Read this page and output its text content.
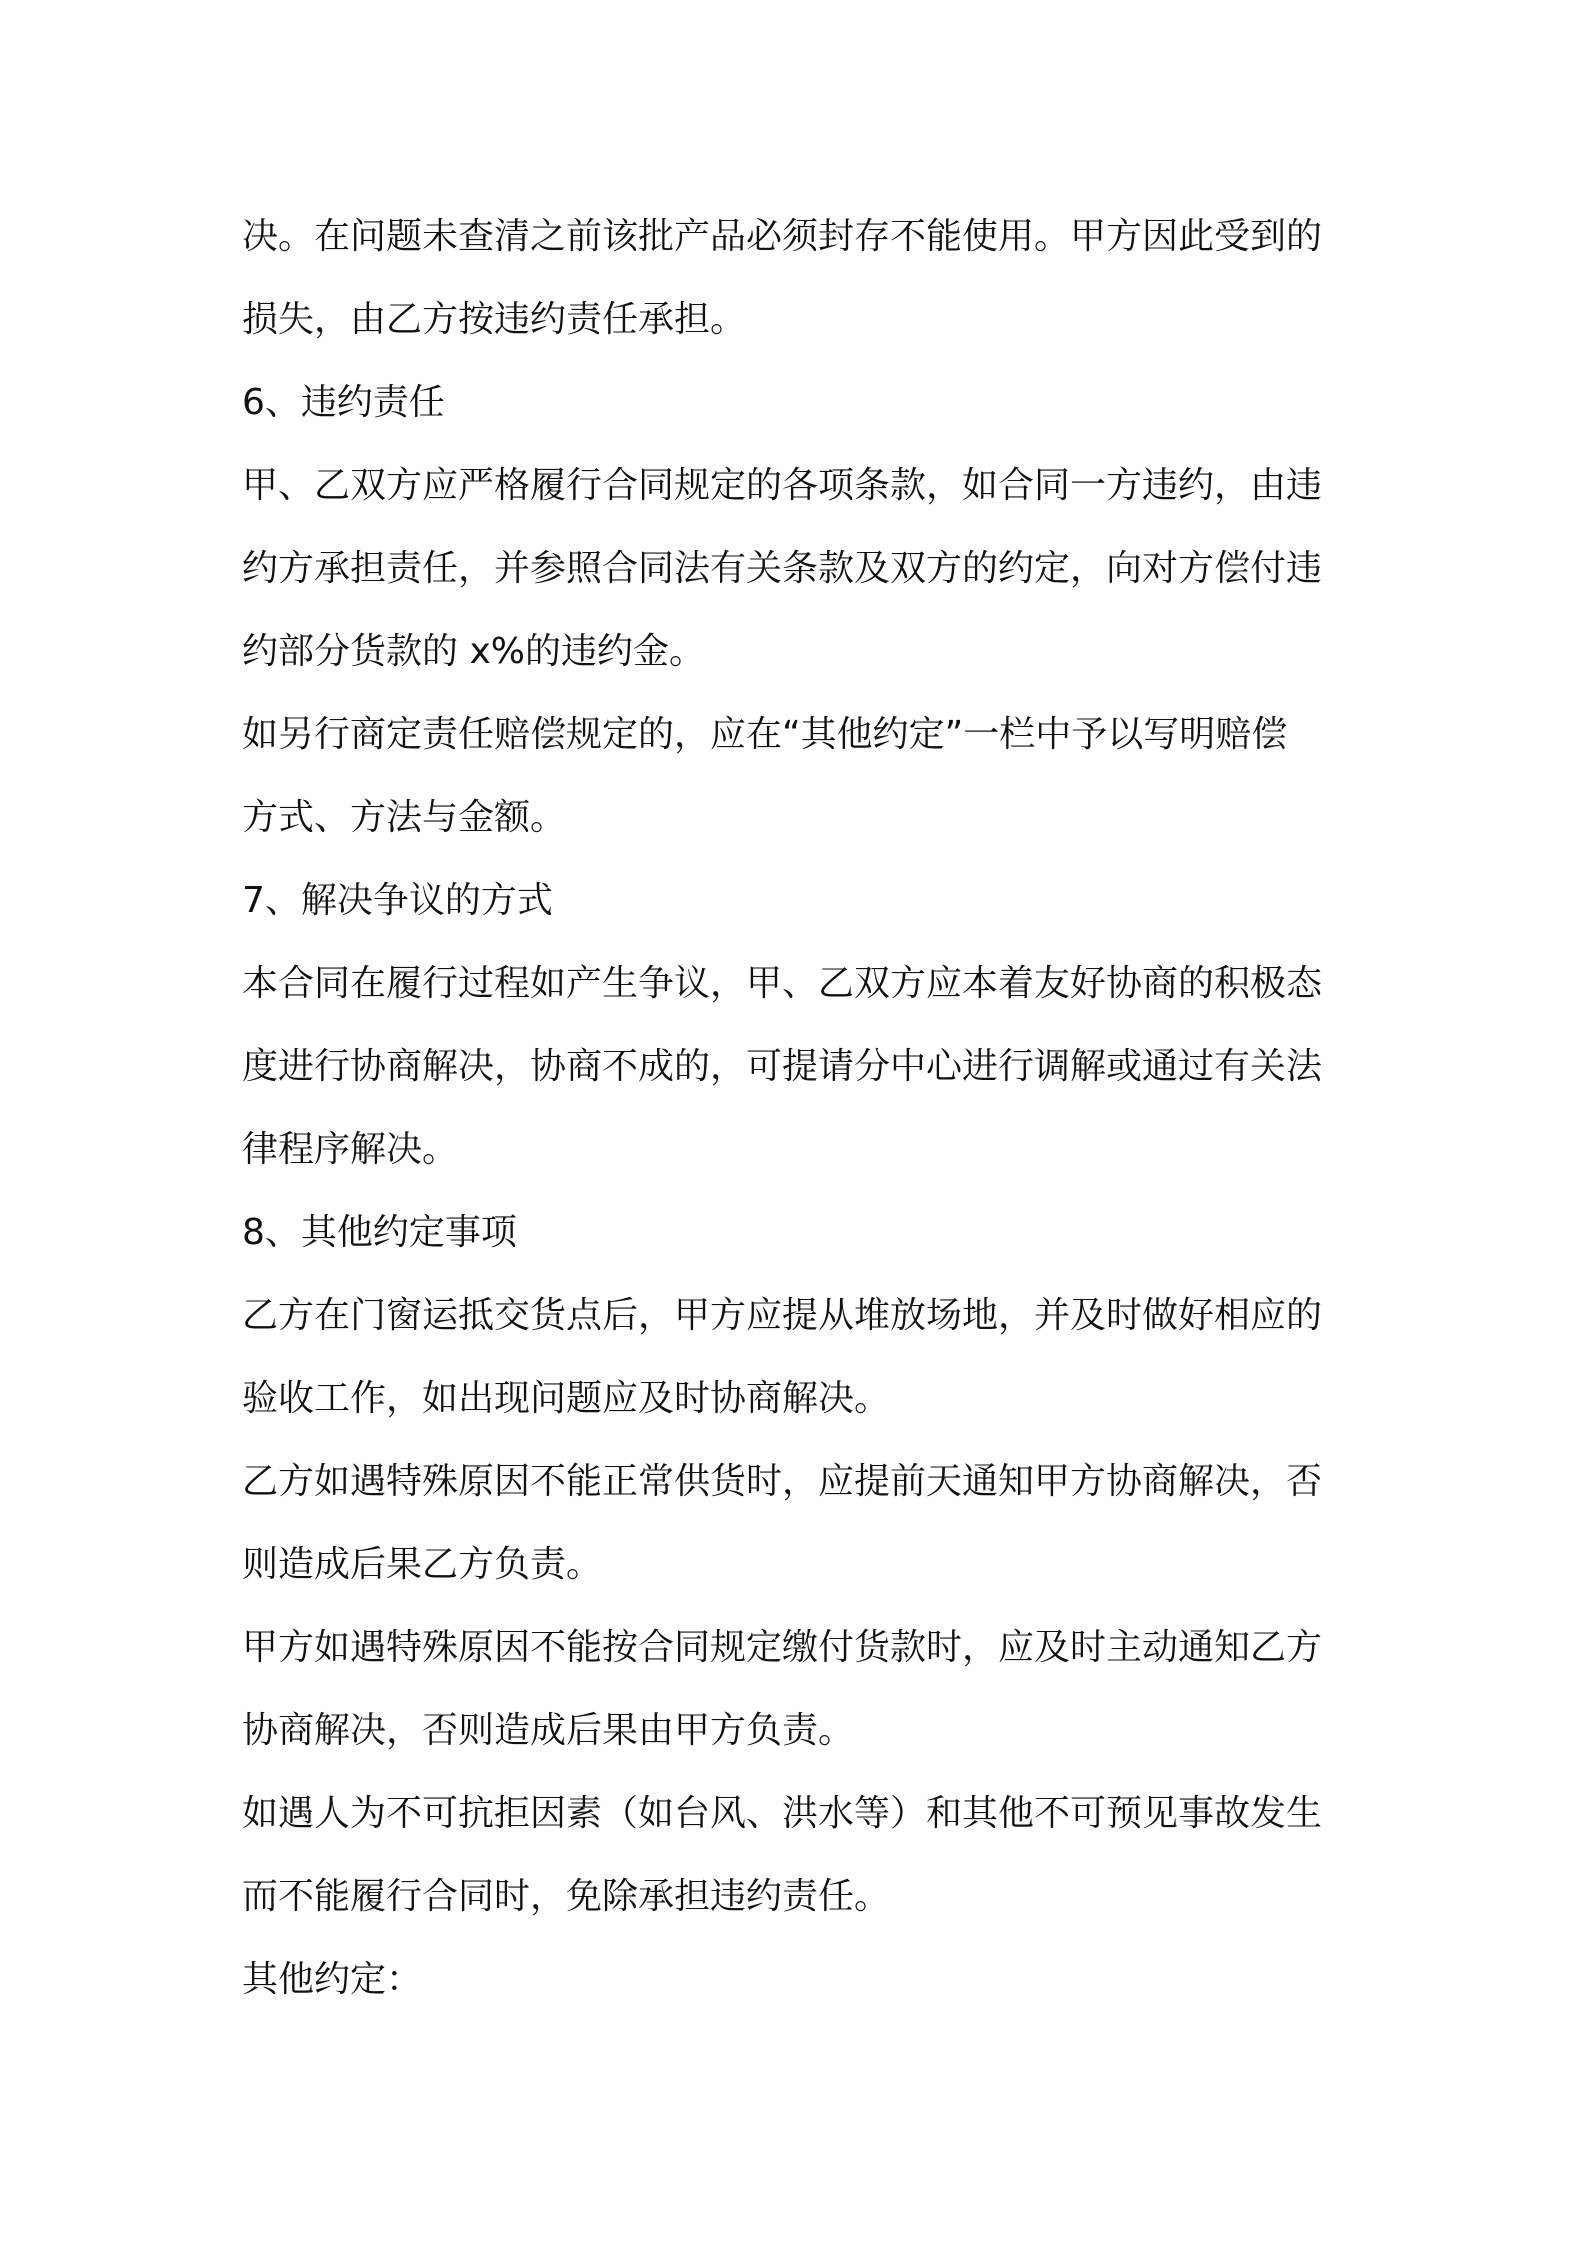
决。在问题未查清之前该批产品必须封存不能使用。甲方因此受到的
损失，由乙方按违约责任承担。
6、违约责任
甲、乙双方应严格履行合同规定的各项条款，如合同一方违约，由违
约方承担责任，并参照合同法有关条款及双方的约定，向对方偿付违
约部分货款的 x%的违约金。
如另行商定责任赔偿规定的，应在“其他约定”一栏中予以写明赔偿
方式、方法与金额。
7、解决争议的方式
本合同在履行过程如产生争议，甲、乙双方应本着友好协商的积极态
度进行协商解决，协商不成的，可提请分中心进行调解或通过有关法
律程序解决。
8、其他约定事项
乙方在门窗运抵交货点后，甲方应提从堆放场地，并及时做好相应的
验收工作，如出现问题应及时协商解决。
乙方如遇特殊原因不能正常供货时，应提前天通知甲方协商解决，否
则造成后果乙方负责。
甲方如遇特殊原因不能按合同规定缴付货款时，应及时主动通知乙方
协商解决，否则造成后果由甲方负责。
如遇人为不可抗拒因素（如台风、洪水等）和其他不可预见事故发生
而不能履行合同时，免除承担违约责任。
其他约定：
